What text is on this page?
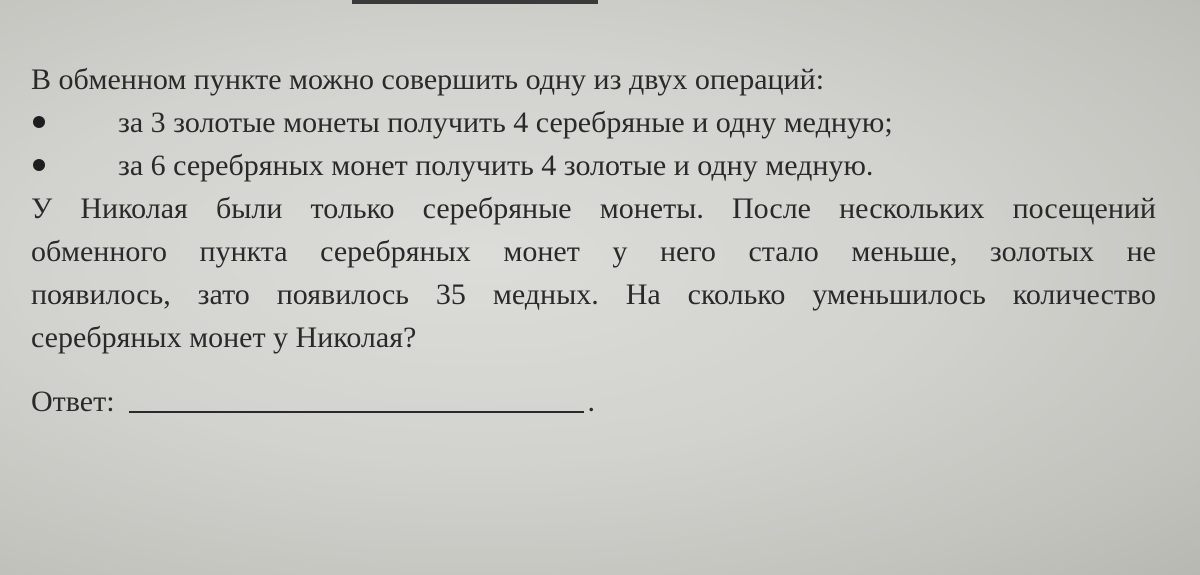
В обменном пункте можно совершить одну из двух операций:

за 3 золотые монеты получить 4 серебряные и одну медную;
за 6 серебряных монет получить 4 золотые и одну медную.
У Николая были только серебряные монеты. После нескольких посещений
обменного пункта серебряных монет у него стало меньше, золотых не
появилось, зато появилось 35 медных. На сколько уменьшилось количество
серебряных монет у Николая?
Ответ:	.
